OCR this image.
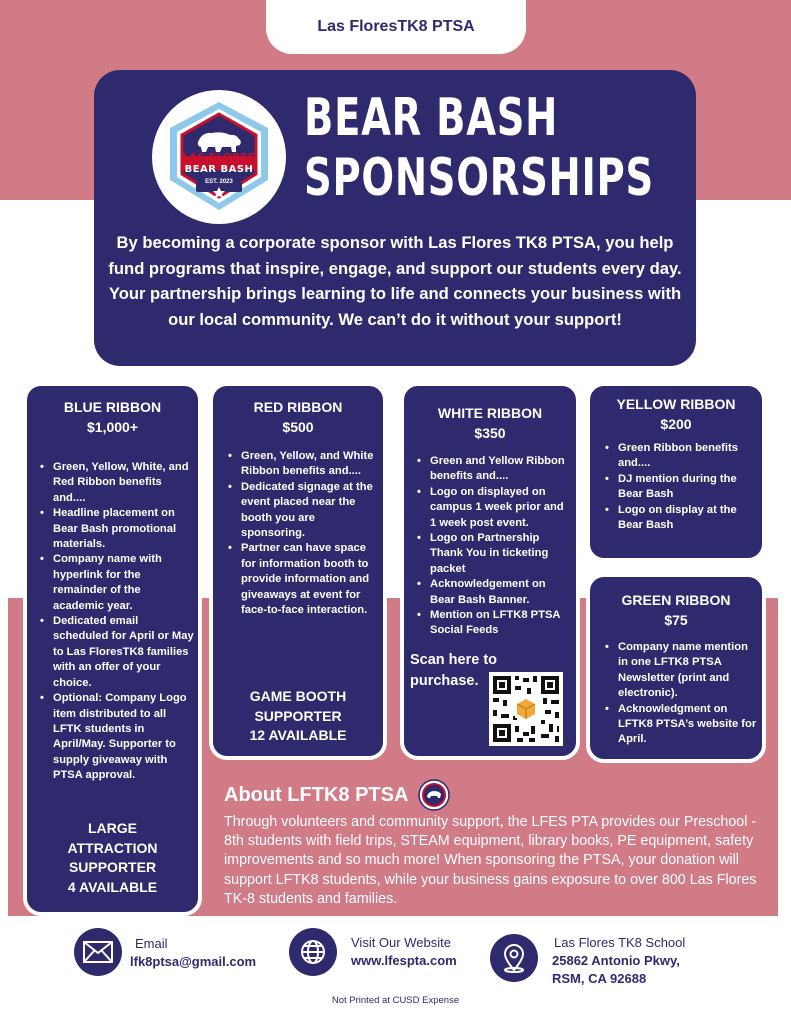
Las FloresTK8 PTSA
LAS FLORES
BEAR BASH
EST. 2023
BEAR BASH
SPONSORSHIPS
By becoming a corporate sponsor with Las Flores TK8 PTSA, you help fund programs that inspire, engage, and support our students every day. Your partnership brings learning to life and connects your business with our local community. We can’t do it without your support!
BLUE RIBBON
$1,000+
• Green, Yellow, White, and Red Ribbon benefits and....
• Headline placement on Bear Bash promotional materials.
• Company name with hyperlink for the remainder of the academic year.
• Dedicated email scheduled for April or May to Las FloresTK8 families with an offer of your choice.
• Optional: Company Logo item distributed to all LFTK students in April/May. Supporter to supply giveaway with PTSA approval.
LARGE
ATTRACTION
SUPPORTER
4 AVAILABLE
RED RIBBON
$500
• Green, Yellow, and White Ribbon benefits and....
• Dedicated signage at the event placed near the booth you are sponsoring.
• Partner can have space for information booth to provide information and giveaways at event for face-to-face interaction.
GAME BOOTH
SUPPORTER
12 AVAILABLE
WHITE RIBBON
$350
• Green and Yellow Ribbon benefits and....
• Logo on displayed on campus 1 week prior and 1 week post event.
• Logo on Partnership Thank You in ticketing packet
• Acknowledgement on Bear Bash Banner.
• Mention on LFTK8 PTSA Social Feeds
Scan here to
purchase.
YELLOW RIBBON
$200
• Green Ribbon benefits and....
• DJ mention during the Bear Bash
• Logo on display at the Bear Bash
GREEN RIBBON
$75
• Company name mention in one LFTK8 PTSA Newsletter (print and electronic).
• Acknowledgment on LFTK8 PTSA’s website for April.
About LFTK8 PTSA
Through volunteers and community support, the LFES PTA provides our Preschool - 8th students with field trips, STEAM equipment, library books, PE equipment, safety improvements and so much more! When sponsoring the PTSA, your donation will support LFTK8 students, while your business gains exposure to over 800 Las Flores TK-8 students and families.
Email
lfk8ptsa@gmail.com
Visit Our Website
www.lfespta.com
Las Flores TK8 School
25862 Antonio Pkwy,
RSM, CA 92688
Not Printed at CUSD Expense
